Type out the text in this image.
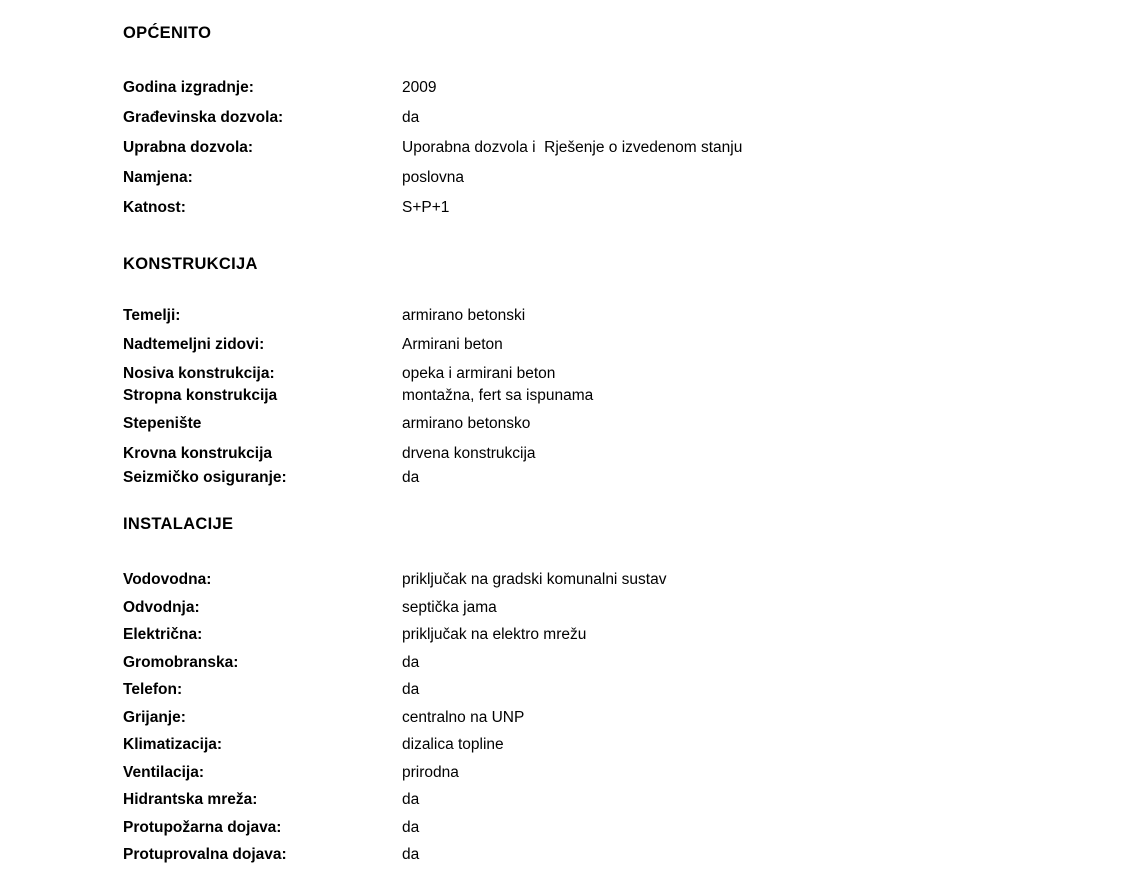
OPĆENITO
Godina izgradnje:	2009
Građevinska dozvola:	da
Uprabna dozvola:	Uporabna dozvola i  Rješenje o izvedenom stanju
Namjena:	poslovna
Katnost:	S+P+1
KONSTRUKCIJA
Temelji:	armirano betonski
Nadtemeljni zidovi:	Armirani beton
Nosiva konstrukcija:	opeka i armirani beton
Stropna konstrukcija	montažna, fert sa ispunama
Stepenište	armirano betonsko
Krovna konstrukcija	drvena konstrukcija
Seizmičko osiguranje:	da
INSTALACIJE
Vodovodna:	priključak na gradski komunalni sustav
Odvodnja:	septička jama
Električna:	priključak na elektro mrežu
Gromobranska:	da
Telefon:	da
Grijanje:	centralno na UNP
Klimatizacija:	dizalica topline
Ventilacija:	prirodna
Hidrantska mreža:	da
Protupožarna dojava:	da
Protuprovalna dojava:	da
